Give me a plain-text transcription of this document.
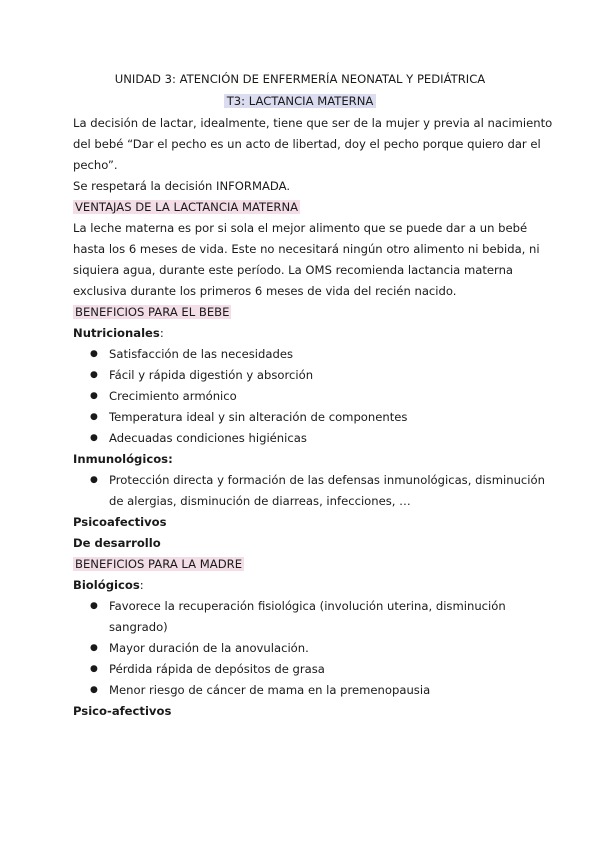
UNIDAD 3: ATENCIÓN DE ENFERMERÍA NEONATAL Y PEDIÁTRICA
T3: LACTANCIA MATERNA
La decisión de lactar, idealmente, tiene que ser de la mujer y previa al nacimiento
del bebé “Dar el pecho es un acto de libertad, doy el pecho porque quiero dar el
pecho”.
Se respetará la decisión INFORMADA.
VENTAJAS DE LA LACTANCIA MATERNA
La leche materna es por si sola el mejor alimento que se puede dar a un bebé
hasta los 6 meses de vida. Este no necesitará ningún otro alimento ni bebida, ni
siquiera agua, durante este período. La OMS recomienda lactancia materna
exclusiva durante los primeros 6 meses de vida del recién nacido.
BENEFICIOS PARA EL BEBE
Nutricionales:
● Satisfacción de las necesidades
● Fácil y rápida digestión y absorción
● Crecimiento armónico
● Temperatura ideal y sin alteración de componentes
● Adecuadas condiciones higiénicas
Inmunológicos:
● Protección directa y formación de las defensas inmunológicas, disminución
de alergias, disminución de diarreas, infecciones, …
Psicoafectivos
De desarrollo
BENEFICIOS PARA LA MADRE
Biológicos:
● Favorece la recuperación fisiológica (involución uterina, disminución
sangrado)
● Mayor duración de la anovulación.
● Pérdida rápida de depósitos de grasa
● Menor riesgo de cáncer de mama en la premenopausia
Psico-afectivos
